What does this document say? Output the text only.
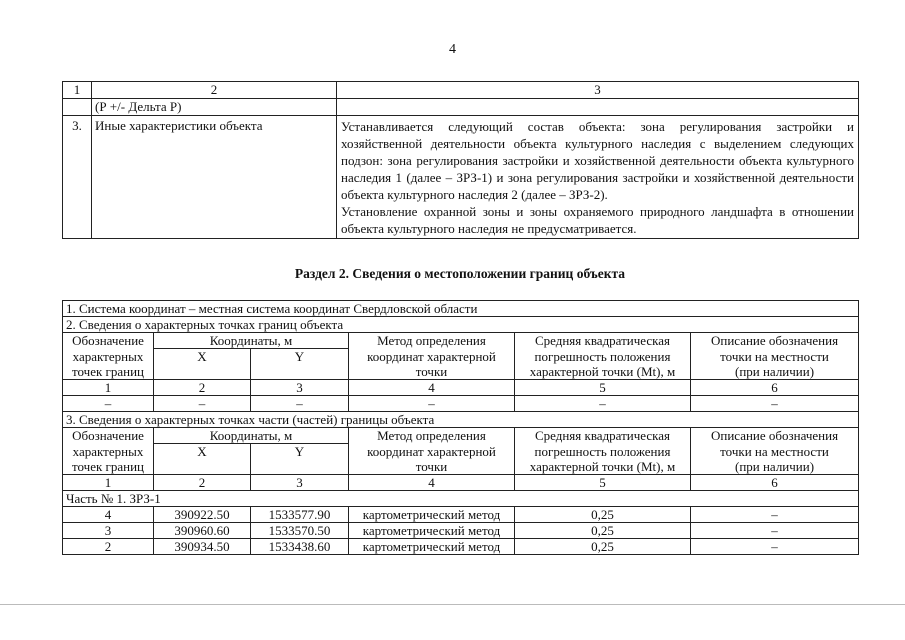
4
1	2	3
	(Р +/- Дельта Р)	
3.	Иные характеристики объекта	Устанавливается следующий состав объекта: зона регулирования застройки и хозяйственной деятельности объекта культурного наследия с выделением следующих подзон: зона регулирования застройки и хозяйственной деятельности объекта культурного наследия 1 (далее – ЗРЗ-1) и зона регулирования застройки и хозяйственной деятельности объекта культурного наследия 2 (далее – ЗРЗ-2).
Установление охранной зоны и зоны охраняемого природного ландшафта в отношении объекта культурного наследия не предусматривается.
Раздел 2. Сведения о местоположении границ объекта
1. Система координат – местная система координат Свердловской области					
2. Сведения о характерных точках границ объекта					
Обозначение	Координаты, м		Метод определения	Средняя квадратическая	Описание обозначения
характерных	X	Y	координат характерной	погрешность положения	точки на местности
точек границ			точки	характерной точки (Mt), м	(при наличии)
1	2	3	4	5	6
–	–	–	–	–	–
3. Сведения о характерных точках части (частей) границы объекта					
Обозначение	Координаты, м		Метод определения	Средняя квадратическая	Описание обозначения
характерных	X	Y	координат характерной	погрешность положения	точки на местности
точек границ			точки	характерной точки (Mt), м	(при наличии)
1	2	3	4	5	6
Часть № 1. ЗРЗ-1					
4	390922.50	1533577.90	картометрический метод	0,25	–
3	390960.60	1533570.50	картометрический метод	0,25	–
2	390934.50	1533438.60	картометрический метод	0,25	–
